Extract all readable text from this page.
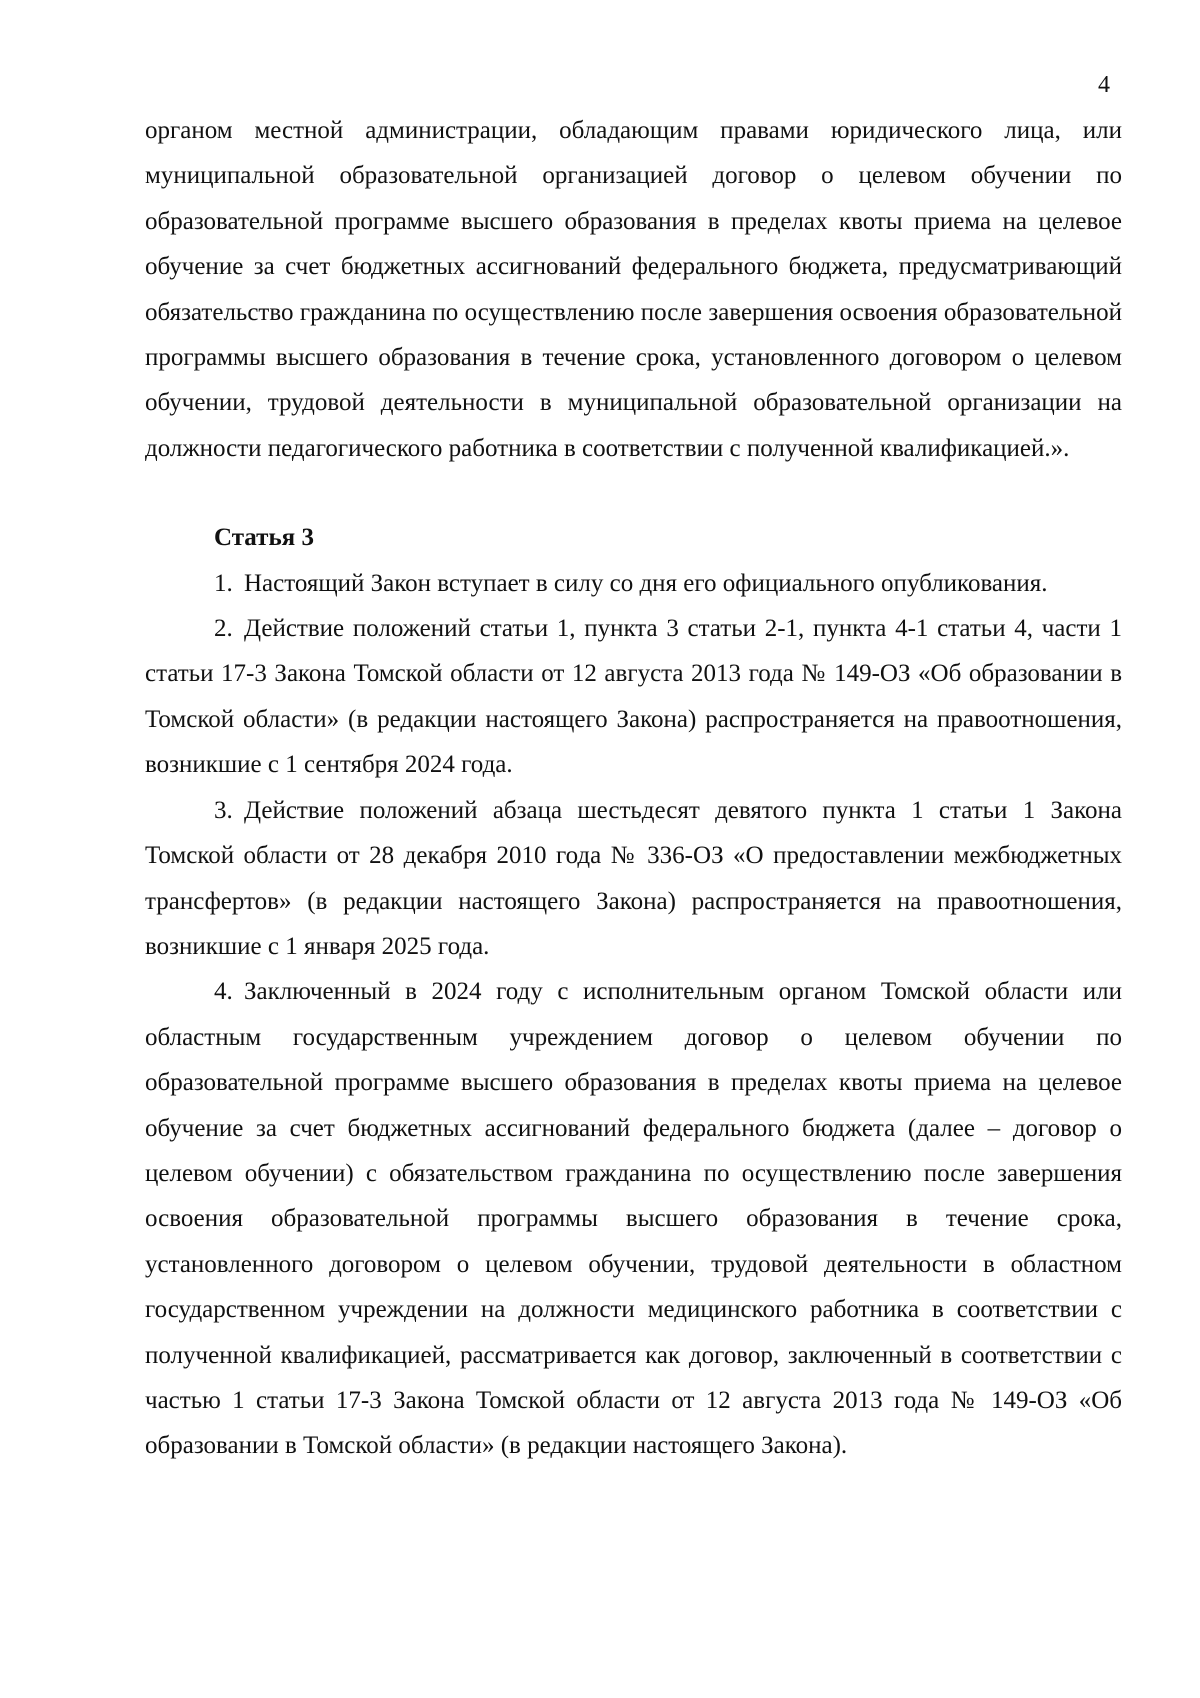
4

органом местной администрации, обладающим правами юридического лица, или муниципальной образовательной организацией договор о целевом обучении по образовательной программе высшего образования в пределах квоты приема на целевое обучение за счет бюджетных ассигнований федерального бюджета, предусматривающий обязательство гражданина по осуществлению после завершения освоения образовательной программы высшего образования в течение срока, установленного договором о целевом обучении, трудовой деятельности в муниципальной образовательной организации на должности педагогического работника в соответствии с полученной квалификацией.».

Статья 3

1. Настоящий Закон вступает в силу со дня его официального опубликования.

2. Действие положений статьи 1, пункта 3 статьи 2-1, пункта 4-1 статьи 4, части 1 статьи 17-3 Закона Томской области от 12 августа 2013 года № 149-ОЗ «Об образовании в Томской области» (в редакции настоящего Закона) распространяется на правоотношения, возникшие с 1 сентября 2024 года.

3. Действие положений абзаца шестьдесят девятого пункта 1 статьи 1 Закона Томской области от 28 декабря 2010 года № 336-ОЗ «О предоставлении межбюджетных трансфертов» (в редакции настоящего Закона) распространяется на правоотношения, возникшие с 1 января 2025 года.

4. Заключенный в 2024 году с исполнительным органом Томской области или областным государственным учреждением договор о целевом обучении по образовательной программе высшего образования в пределах квоты приема на целевое обучение за счет бюджетных ассигнований федерального бюджета (далее – договор о целевом обучении) с обязательством гражданина по осуществлению после завершения освоения образовательной программы высшего образования в течение срока, установленного договором о целевом обучении, трудовой деятельности в областном государственном учреждении на должности медицинского работника в соответствии с полученной квалификацией, рассматривается как договор, заключенный в соответствии с частью 1 статьи 17-3 Закона Томской области от 12 августа 2013 года № 149-ОЗ «Об образовании в Томской области» (в редакции настоящего Закона).
